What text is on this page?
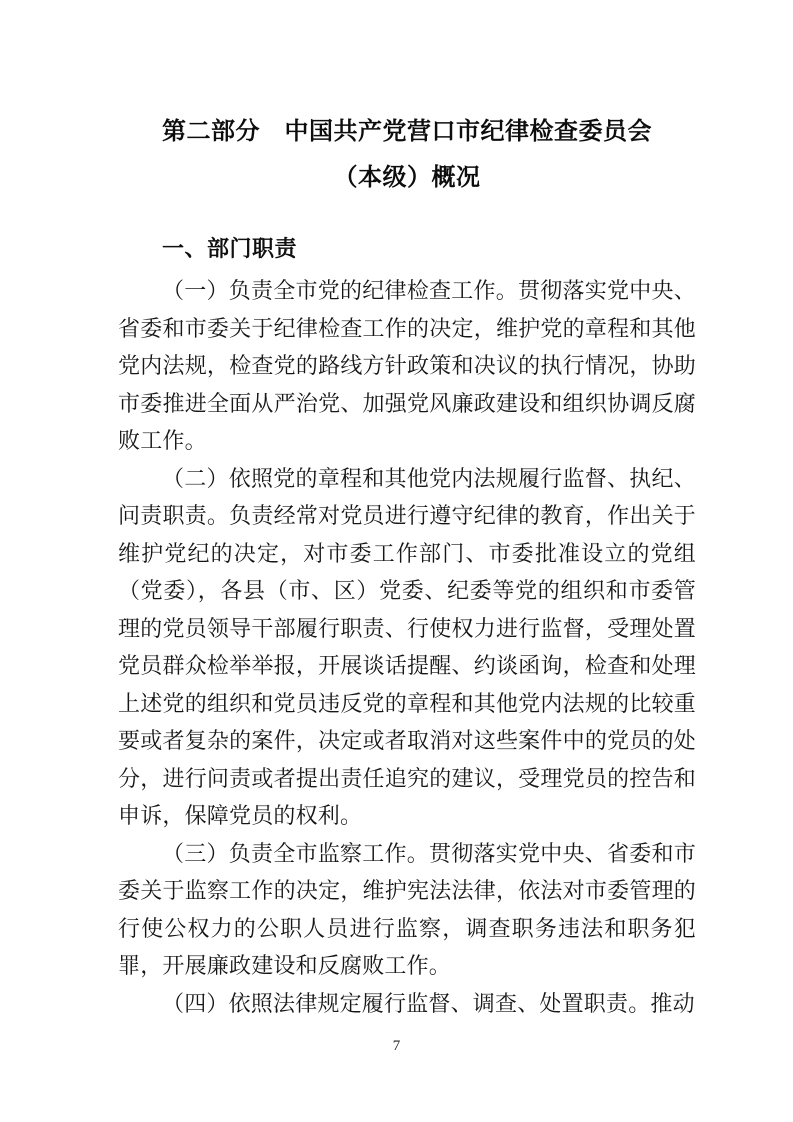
第二部分　中国共产党营口市纪律检查委员会
（本级）概况
一、部门职责

（一）负责全市党的纪律检查工作。贯彻落实党中央、省委和市委关于纪律检查工作的决定，维护党的章程和其他党内法规，检查党的路线方针政策和决议的执行情况，协助市委推进全面从严治党、加强党风廉政建设和组织协调反腐败工作。

（二）依照党的章程和其他党内法规履行监督、执纪、问责职责。负责经常对党员进行遵守纪律的教育，作出关于维护党纪的决定，对市委工作部门、市委批准设立的党组（党委），各县（市、区）党委、纪委等党的组织和市委管理的党员领导干部履行职责、行使权力进行监督，受理处置党员群众检举举报，开展谈话提醒、约谈函询，检查和处理上述党的组织和党员违反党的章程和其他党内法规的比较重要或者复杂的案件，决定或者取消对这些案件中的党员的处分，进行问责或者提出责任追究的建议，受理党员的控告和申诉，保障党员的权利。

（三）负责全市监察工作。贯彻落实党中央、省委和市委关于监察工作的决定，维护宪法法律，依法对市委管理的行使公权力的公职人员进行监察，调查职务违法和职务犯罪，开展廉政建设和反腐败工作。

（四）依照法律规定履行监督、调查、处置职责。推动

7
